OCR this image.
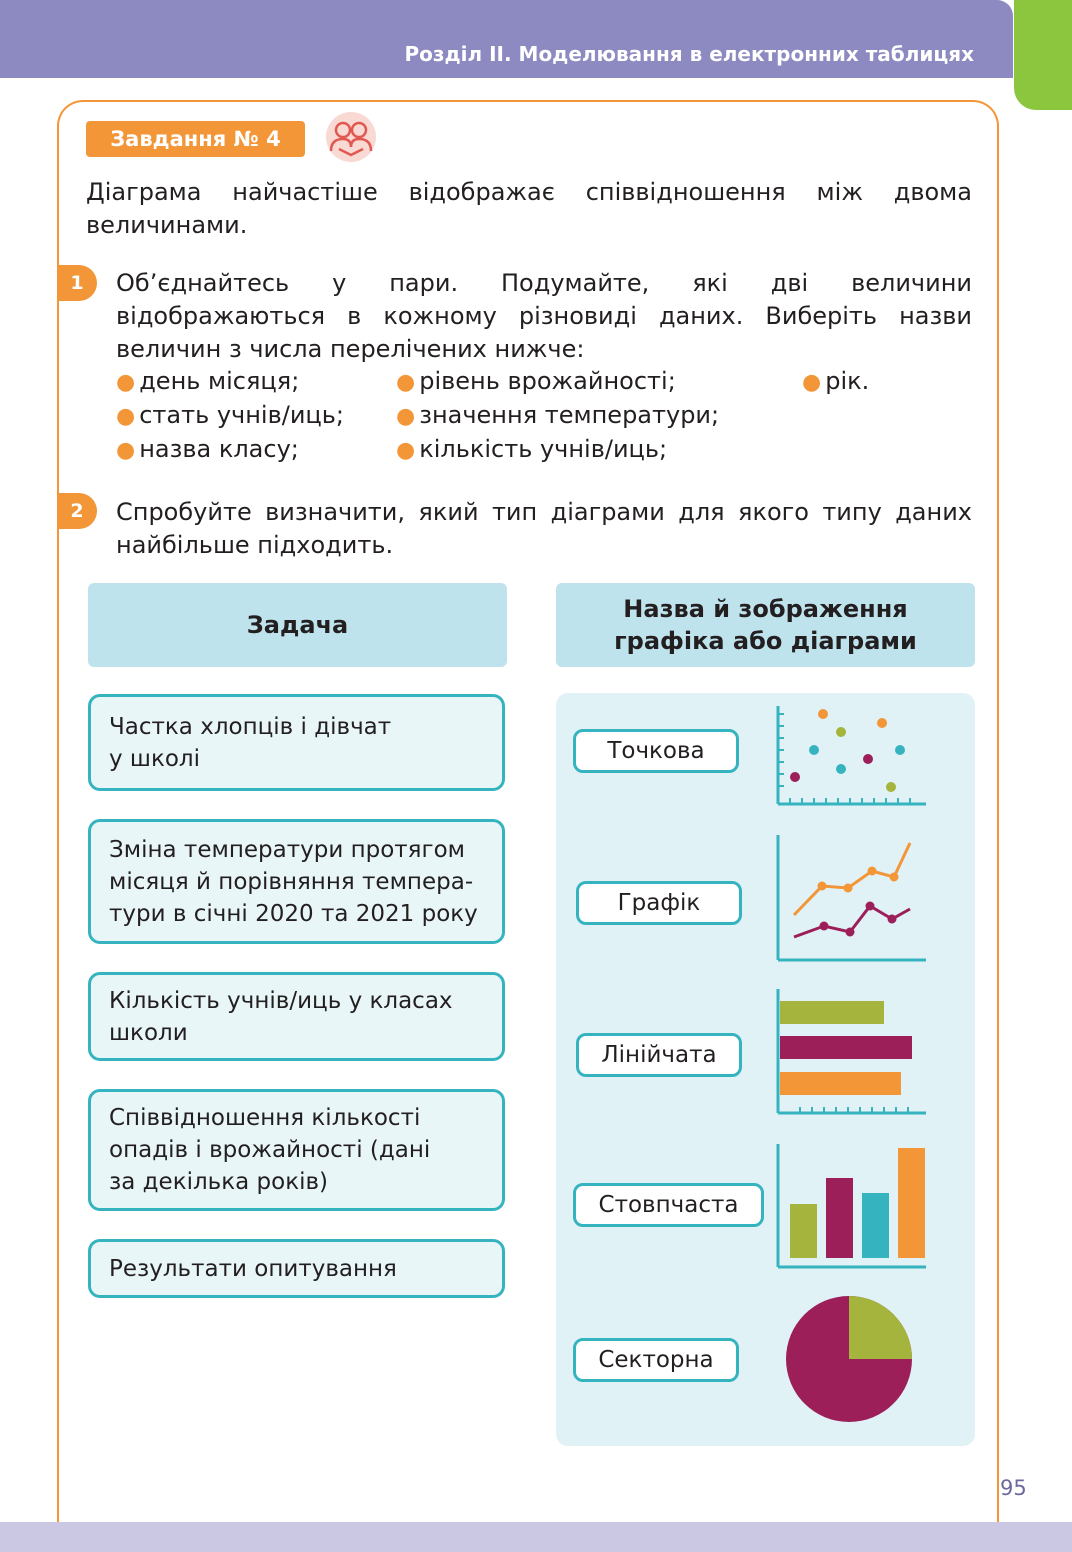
Розділ II. Моделювання в електронних таблицях
Завдання № 4
Діаграма найчастіше відображає співвідношення між двома величинами.
1	Об’єднайтесь у пари. Подумайте, які дві величини відображаються в кожному різновиді даних. Виберіть назви величин з числа перелічених нижче:
● день місяця;
● стать учнів/иць;
● назва класу;
● рівень врожайності;
● значення температури;
● кількість учнів/иць;
● рік.
2	Спробуйте визначити, який тип діаграми для якого типу даних найбільше підходить.
Задача
Назва й зображення
графіка або діаграми
Частка хлопців і дівчат
у школі
Зміна температури протягом
місяця й порівняння темпера-
тури в січні 2020 та 2021 року
Кількість учнів/иць у класах
школи
Співвідношення кількості
опадів і врожайності (дані
за декілька років)
Результати опитування
Точкова
Графік
Лінійчата
Стовпчаста
Секторна
95
